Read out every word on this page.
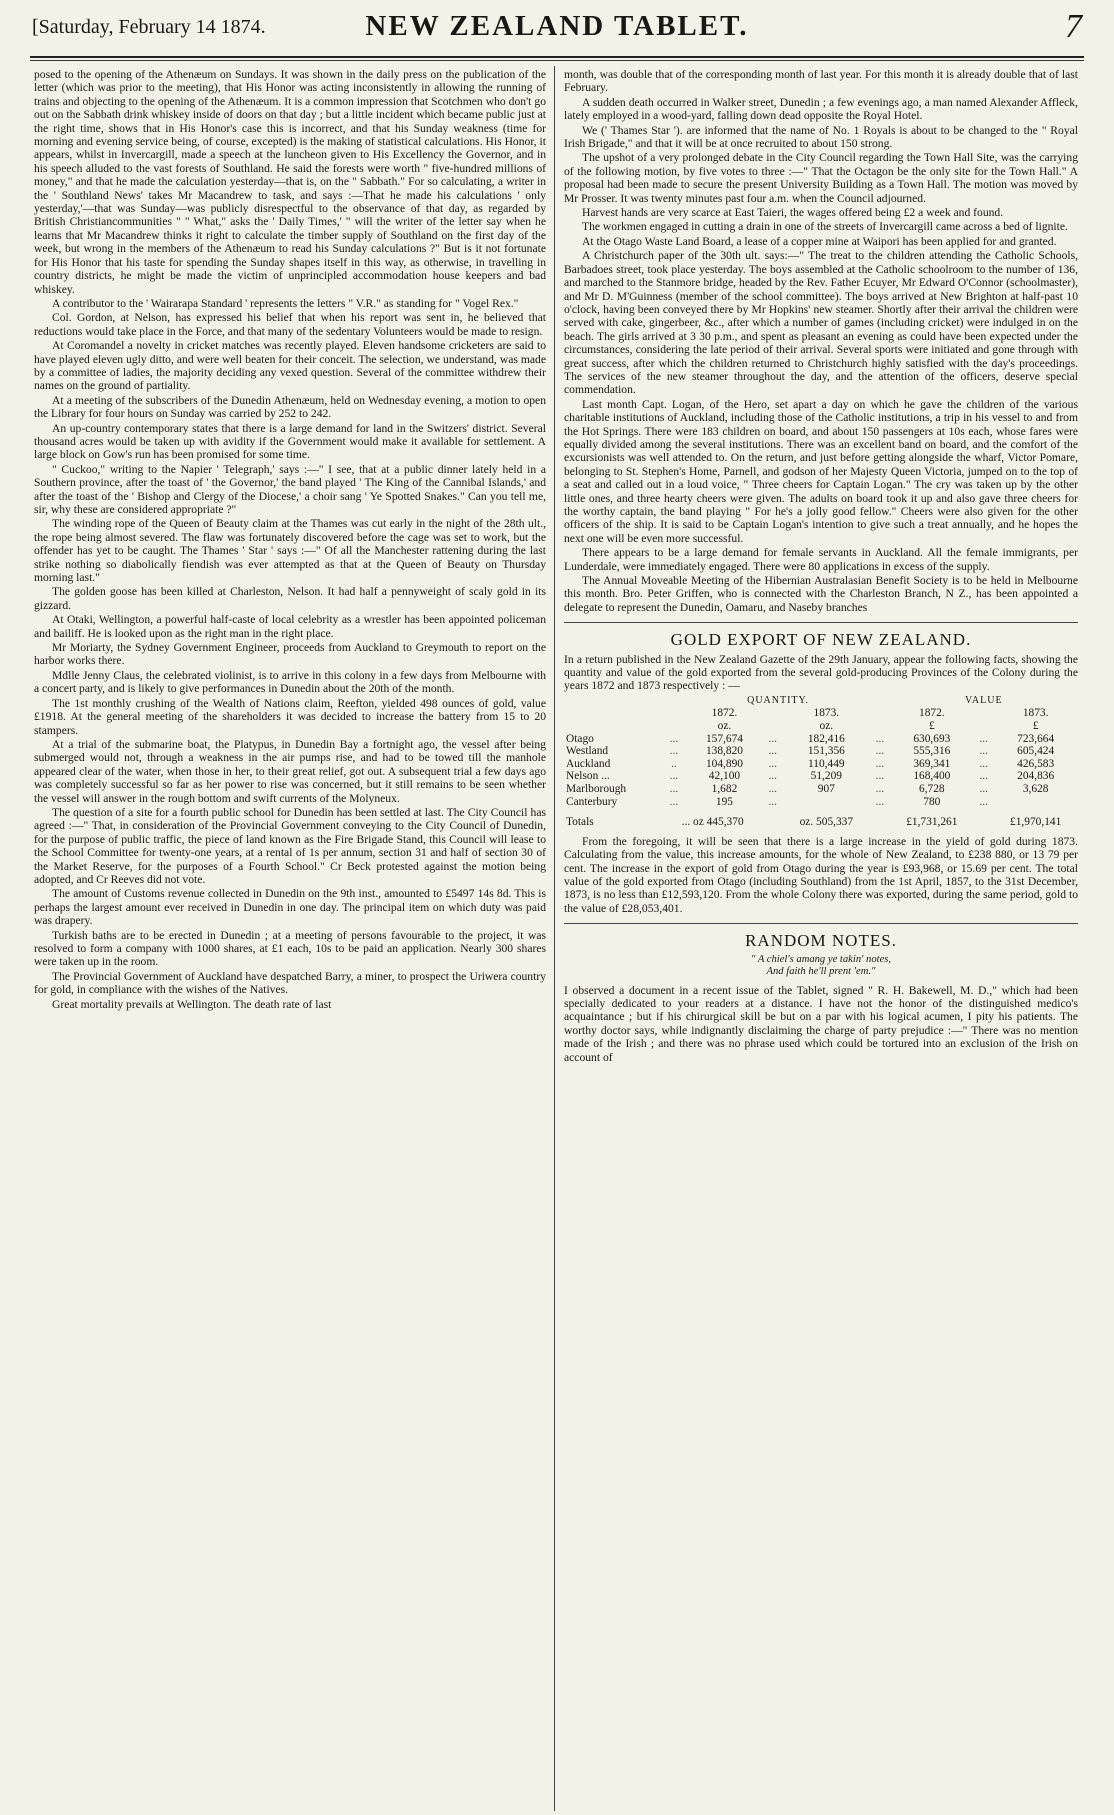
[Saturday, February 14 1874.	NEW ZEALAND TABLET.	7

posed to the opening of the Athenæum on Sundays. It was shown in the daily press on the publication of the letter (which was prior to the meeting), that His Honor was acting inconsistently in allowing the running of trains and objecting to the opening of the Athenæum. It is a common impression that Scotchmen who don't go out on the Sabbath drink whiskey inside of doors on that day ; but a little incident which became public just at the right time, shows that in His Honor's case this is incorrect, and that his Sunday weakness (time for morning and evening service being, of course, excepted) is the making of statistical calculations. His Honor, it appears, whilst in Invercargill, made a speech at the luncheon given to His Excellency the Governor, and in his speech alluded to the vast forests of Southland. He said the forests were worth " five-hundred millions of money," and that he made the calculation yesterday—that is, on the " Sabbath." For so calculating, a writer in the ' Southland News' takes Mr Macandrew to task, and says :—That he made his calculations ' only yesterday,'—that was Sunday—was publicly disrespectful to the observance of that day, as regarded by British Christiancommunities " " What," asks the ' Daily Times,' " will the writer of the letter say when he learns that Mr Macandrew thinks it right to calculate the timber supply of Southland on the first day of the week, but wrong in the members of the Athenæum to read his Sunday calculations ?" But is it not fortunate for His Honor that his taste for spending the Sunday shapes itself in this way, as otherwise, in travelling in country districts, he might be made the victim of unprincipled accommodation house keepers and bad whiskey.

A contributor to the ' Wairarapa Standard ' represents the letters " V.R." as standing for " Vogel Rex."

Col. Gordon, at Nelson, has expressed his belief that when his report was sent in, he believed that reductions would take place in the Force, and that many of the sedentary Volunteers would be made to resign.

At Coromandel a novelty in cricket matches was recently played. Eleven handsome cricketers are said to have played eleven ugly ditto, and were well beaten for their conceit. The selection, we understand, was made by a committee of ladies, the majority deciding any vexed question. Several of the committee withdrew their names on the ground of partiality.

At a meeting of the subscribers of the Dunedin Athenæum, held on Wednesday evening, a motion to open the Library for four hours on Sunday was carried by 252 to 242.

An up-country contemporary states that there is a large demand for land in the Switzers' district. Several thousand acres would be taken up with avidity if the Government would make it available for settlement. A large block on Gow's run has been promised for some time.

" Cuckoo," writing to the Napier ' Telegraph,' says :—" I see, that at a public dinner lately held in a Southern province, after the toast of ' the Governor,' the band played ' The King of the Cannibal Islands,' and after the toast of the ' Bishop and Clergy of the Diocese,' a choir sang ' Ye Spotted Snakes." Can you tell me, sir, why these are considered appropriate ?"

The winding rope of the Queen of Beauty claim at the Thames was cut early in the night of the 28th ult., the rope being almost severed. The flaw was fortunately discovered before the cage was set to work, but the offender has yet to be caught. The Thames ' Star ' says :—" Of all the Manchester rattening during the last strike nothing so diabolically fiendish was ever attempted as that at the Queen of Beauty on Thursday morning last."

The golden goose has been killed at Charleston, Nelson. It had half a pennyweight of scaly gold in its gizzard.

At Otaki, Wellington, a powerful half-caste of local celebrity as a wrestler has been appointed policeman and bailiff. He is looked upon as the right man in the right place.

Mr Moriarty, the Sydney Government Engineer, proceeds from Auckland to Greymouth to report on the harbor works there.

Mdlle Jenny Claus, the celebrated violinist, is to arrive in this colony in a few days from Melbourne with a concert party, and is likely to give performances in Dunedin about the 20th of the month.

The 1st monthly crushing of the Wealth of Nations claim, Reefton, yielded 498 ounces of gold, value £1918. At the general meeting of the shareholders it was decided to increase the battery from 15 to 20 stampers.

At a trial of the submarine boat, the Platypus, in Dunedin Bay a fortnight ago, the vessel after being submerged would not, through a weakness in the air pumps rise, and had to be towed till the manhole appeared clear of the water, when those in her, to their great relief, got out. A subsequent trial a few days ago was completely successful so far as her power to rise was concerned, but it still remains to be seen whether the vessel will answer in the rough bottom and swift currents of the Molyneux.

The question of a site for a fourth public school for Dunedin has been settled at last. The City Council has agreed :—" That, in consideration of the Provincial Government conveying to the City Council of Dunedin, for the purpose of public traffic, the piece of land known as the Fire Brigade Stand, this Council will lease to the School Committee for twenty-one years, at a rental of 1s per annum, section 31 and half of section 30 of the Market Reserve, for the purposes of a Fourth School." Cr Beck protested against the motion being adopted, and Cr Reeves did not vote.

The amount of Customs revenue collected in Dunedin on the 9th inst., amounted to £5497 14s 8d. This is perhaps the largest amount ever received in Dunedin in one day. The principal item on which duty was paid was drapery.

Turkish baths are to be erected in Dunedin ; at a meeting of persons favourable to the project, it was resolved to form a company with 1000 shares, at £1 each, 10s to be paid an application. Nearly 300 shares were taken up in the room.

The Provincial Government of Auckland have despatched Barry, a miner, to prospect the Uriwera country for gold, in compliance with the wishes of the Natives.

Great mortality prevails at Wellington. The death rate of last

month, was double that of the corresponding month of last year. For this month it is already double that of last February.

A sudden death occurred in Walker street, Dunedin ; a few evenings ago, a man named Alexander Affleck, lately employed in a wood-yard, falling down dead opposite the Royal Hotel.

We (' Thames Star '). are informed that the name of No. 1 Royals is about to be changed to the " Royal Irish Brigade," and that it will be at once recruited to about 150 strong.

The upshot of a very prolonged debate in the City Council regarding the Town Hall Site, was the carrying of the following motion, by five votes to three :—" That the Octagon be the only site for the Town Hall." A proposal had been made to secure the present University Building as a Town Hall. The motion was moved by Mr Prosser. It was twenty minutes past four a.m. when the Council adjourned.

Harvest hands are very scarce at East Taieri, the wages offered being £2 a week and found.

The workmen engaged in cutting a drain in one of the streets of Invercargill came across a bed of lignite.

At the Otago Waste Land Board, a lease of a copper mine at Waipori has been applied for and granted.

A Christchurch paper of the 30th ult. says:—" The treat to the children attending the Catholic Schools, Barbadoes street, took place yesterday. The boys assembled at the Catholic schoolroom to the number of 136, and marched to the Stanmore bridge, headed by the Rev. Father Ecuyer, Mr Edward O'Connor (schoolmaster), and Mr D. M'Guinness (member of the school committee). The boys arrived at New Brighton at half-past 10 o'clock, having been conveyed there by Mr Hopkins' new steamer. Shortly after their arrival the children were served with cake, gingerbeer, &c., after which a number of games (including cricket) were indulged in on the beach. The girls arrived at 3 30 p.m., and spent as pleasant an evening as could have been expected under the circumstances, considering the late period of their arrival. Several sports were initiated and gone through with great success, after which the children returned to Christchurch highly satisfied with the day's proceedings. The services of the new steamer throughout the day, and the attention of the officers, deserve special commendation.

Last month Capt. Logan, of the Hero, set apart a day on which he gave the children of the various charitable institutions of Auckland, including those of the Catholic institutions, a trip in his vessel to and from the Hot Springs. There were 183 children on board, and about 150 passengers at 10s each, whose fares were equally divided among the several institutions. There was an excellent band on board, and the comfort of the excursionists was well attended to. On the return, and just before getting alongside the wharf, Victor Pomare, belonging to St. Stephen's Home, Parnell, and godson of her Majesty Queen Victoria, jumped on to the top of a seat and called out in a loud voice, " Three cheers for Captain Logan." The cry was taken up by the other little ones, and three hearty cheers were given. The adults on board took it up and also gave three cheers for the worthy captain, the band playing " For he's a jolly good fellow." Cheers were also given for the other officers of the ship. It is said to be Captain Logan's intention to give such a treat annually, and he hopes the next one will be even more successful.

There appears to be a large demand for female servants in Auckland. All the female immigrants, per Lunderdale, were immediately engaged. There were 80 applications in excess of the supply.

The Annual Moveable Meeting of the Hibernian Australasian Benefit Society is to be held in Melbourne this month. Bro. Peter Griffen, who is connected with the Charleston Branch, N Z., has been appointed a delegate to represent the Dunedin, Oamaru, and Naseby branches

GOLD EXPORT OF NEW ZEALAND.

In a return published in the New Zealand Gazette of the 29th January, appear the following facts, showing the quantity and value of the gold exported from the several gold-producing Provinces of the Colony during the years 1872 and 1873 respectively : —

		QUANTITY.				VALUE		
		1872.		1873.		1872.		1873.
		oz.		oz.		£		£
Otago	...	157,674	...	182,416	...	630,693	...	723,664
Westland	...	138,820	...	151,356	...	555,316	...	605,424
Auckland	..	104,890	...	110,449	...	369,341	...	426,583
Nelson ...	...	42,100	...	51,209	...	168,400	...	204,836
Marlborough	...	1,682	...	907	...	6,728	...	3,628
Canterbury	...	195	...		...	780	...	
Totals	... oz 445,370			oz. 505,337		£1,731,261		£1,970,141

From the foregoing, it will be seen that there is a large increase in the yield of gold during 1873. Calculating from the value, this increase amounts, for the whole of New Zealand, to £238 880, or 13 79 per cent. The increase in the export of gold from Otago during the year is £93,968, or 15.69 per cent. The total value of the gold exported from Otago (including Southland) from the 1st April, 1857, to the 31st December, 1873, is no less than £12,593,120. From the whole Colony there was exported, during the same period, gold to the value of £28,053,401.

RANDOM NOTES.
" A chiel's amang ye takin' notes,
And faith he'll prent 'em."

I observed a document in a recent issue of the Tablet, signed " R. H. Bakewell, M. D.," which had been specially dedicated to your readers at a distance. I have not the honor of the distinguished medico's acquaintance ; but if his chirurgical skill be but on a par with his logical acumen, I pity his patients. The worthy doctor says, while indignantly disclaiming the charge of party prejudice :—" There was no mention made of the Irish ; and there was no phrase used which could be tortured into an exclusion of the Irish on account of
